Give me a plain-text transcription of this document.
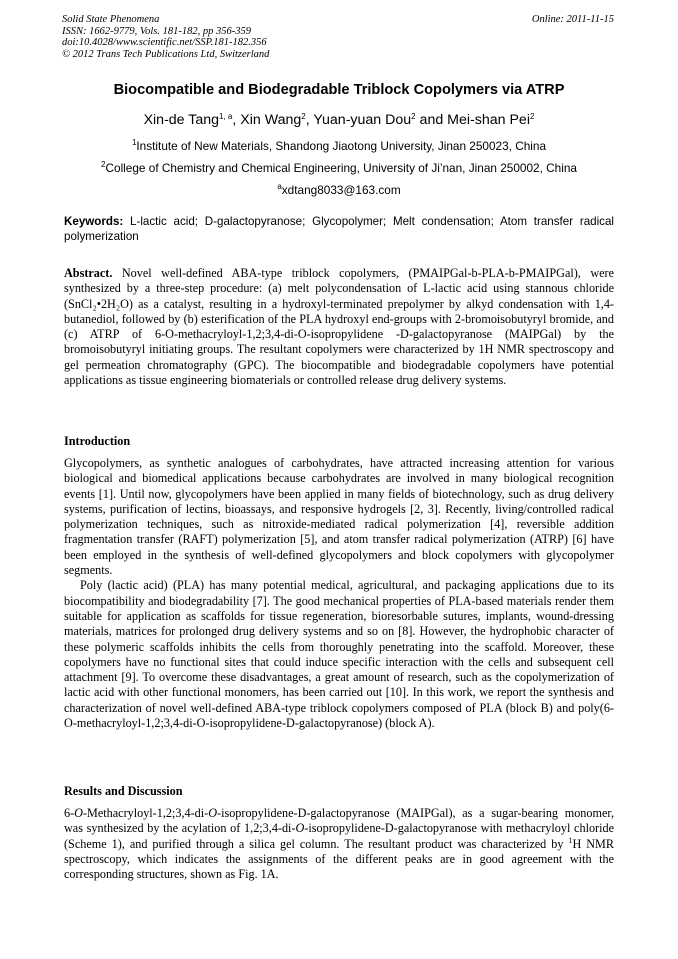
Solid State Phenomena
ISSN: 1662-9779, Vols. 181-182, pp 356-359
doi:10.4028/www.scientific.net/SSP.181-182.356
© 2012 Trans Tech Publications Ltd, Switzerland
Online: 2011-11-15
Biocompatible and Biodegradable Triblock Copolymers via ATRP
Xin-de Tang$^{1, a}$, Xin Wang$^2$, Yuan-yuan Dou$^2$ and Mei-shan Pei$^2$
$^1$Institute of New Materials, Shandong Jiaotong University, Jinan 250023, China
$^2$College of Chemistry and Chemical Engineering, University of Ji’nan, Jinan 250002, China
$^a$xdtang8033@163.com
Keywords: L-lactic acid; D-galactopyranose; Glycopolymer; Melt condensation; Atom transfer radical polymerization
Abstract. Novel well-defined ABA-type triblock copolymers, (PMAIPGal-b-PLA-b-PMAIPGal), were synthesized by a three-step procedure: (a) melt polycondensation of L-lactic acid using stannous chloride (SnCl₂•2H₂O) as a catalyst, resulting in a hydroxyl-terminated prepolymer by alkyd condensation with 1,4-butanediol, followed by (b) esterification of the PLA hydroxyl end-groups with 2-bromoisobutyryl bromide, and (c) ATRP of 6-O-methacryloyl-1,2;3,4-di-O-isopropylidene -D-galactopyranose (MAIPGal) by the bromoisobutyryl initiating groups. The resultant copolymers were characterized by 1H NMR spectroscopy and gel permeation chromatography (GPC). The biocompatible and biodegradable copolymers have potential applications as tissue engineering biomaterials or controlled release drug delivery systems.
Introduction

Glycopolymers, as synthetic analogues of carbohydrates, have attracted increasing attention for various biological and biomedical applications because carbohydrates are involved in many biological recognition events [1]. Until now, glycopolymers have been applied in many fields of biotechnology, such as drug delivery systems, purification of lectins, bioassays, and responsive hydrogels [2, 3]. Recently, living/controlled radical polymerization techniques, such as nitroxide-mediated radical polymerization [4], reversible addition fragmentation transfer (RAFT) polymerization [5], and atom transfer radical polymerization (ATRP) [6] have been employed in the synthesis of well-defined glycopolymers and block copolymers with glycopolymer segments.

Poly (lactic acid) (PLA) has many potential medical, agricultural, and packaging applications due to its biocompatibility and biodegradability [7]. The good mechanical properties of PLA-based materials render them suitable for application as scaffolds for tissue regeneration, bioresorbable sutures, implants, wound-dressing materials, matrices for prolonged drug delivery systems and so on [8]. However, the hydrophobic character of these polymeric scaffolds inhibits the cells from thoroughly penetrating into the scaffold. Moreover, these copolymers have no functional sites that could induce specific interaction with the cells and subsequent cell attachment [9]. To overcome these disadvantages, a great amount of research, such as the copolymerization of lactic acid with other functional monomers, has been carried out [10]. In this work, we report the synthesis and characterization of novel well-defined ABA-type triblock copolymers composed of PLA (block B) and poly(6-O-methacryloyl-1,2;3,4-di-O-isopropylidene-D-galactopyranose) (block A).

Results and Discussion
6-O-Methacryloyl-1,2;3,4-di-O-isopropylidene-D-galactopyranose (MAIPGal), as a sugar-bearing monomer, was synthesized by the acylation of 1,2;3,4-di-O-isopropylidene-D-galactopyranose with methacryloyl chloride (Scheme 1), and purified through a silica gel column. The resultant product was characterized by $^1$H NMR spectroscopy, which indicates the assignments of the different peaks are in good agreement with the corresponding structures, shown as Fig. 1A.
